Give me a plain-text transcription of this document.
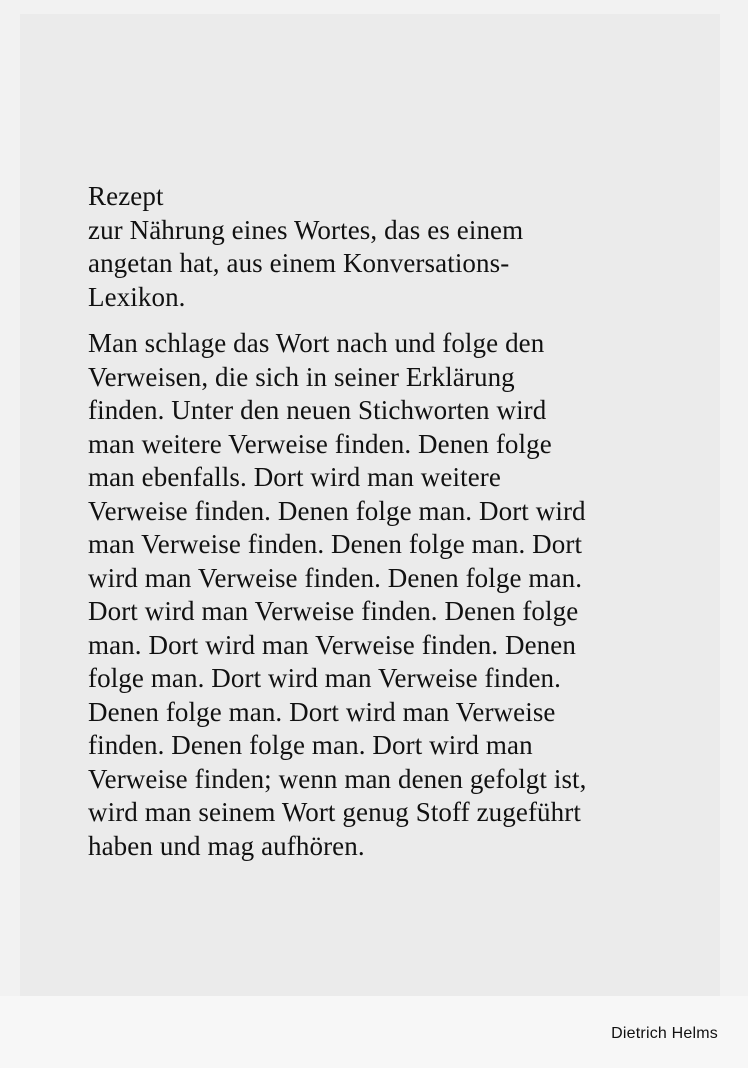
Rezept
zur Nährung eines Wortes, das es einem
angetan hat, aus einem Konversations-
Lexikon.
Man schlage das Wort nach und folge den
Verweisen, die sich in seiner Erklärung
finden. Unter den neuen Stichworten wird
man weitere Verweise finden. Denen folge
man ebenfalls. Dort wird man weitere
Verweise finden. Denen folge man. Dort wird
man Verweise finden. Denen folge man. Dort
wird man Verweise finden. Denen folge man.
Dort wird man Verweise finden. Denen folge
man. Dort wird man Verweise finden. Denen
folge man. Dort wird man Verweise finden.
Denen folge man. Dort wird man Verweise
finden. Denen folge man. Dort wird man
Verweise finden; wenn man denen gefolgt ist,
wird man seinem Wort genug Stoff zugeführt
haben und mag aufhören.
Dietrich Helms
